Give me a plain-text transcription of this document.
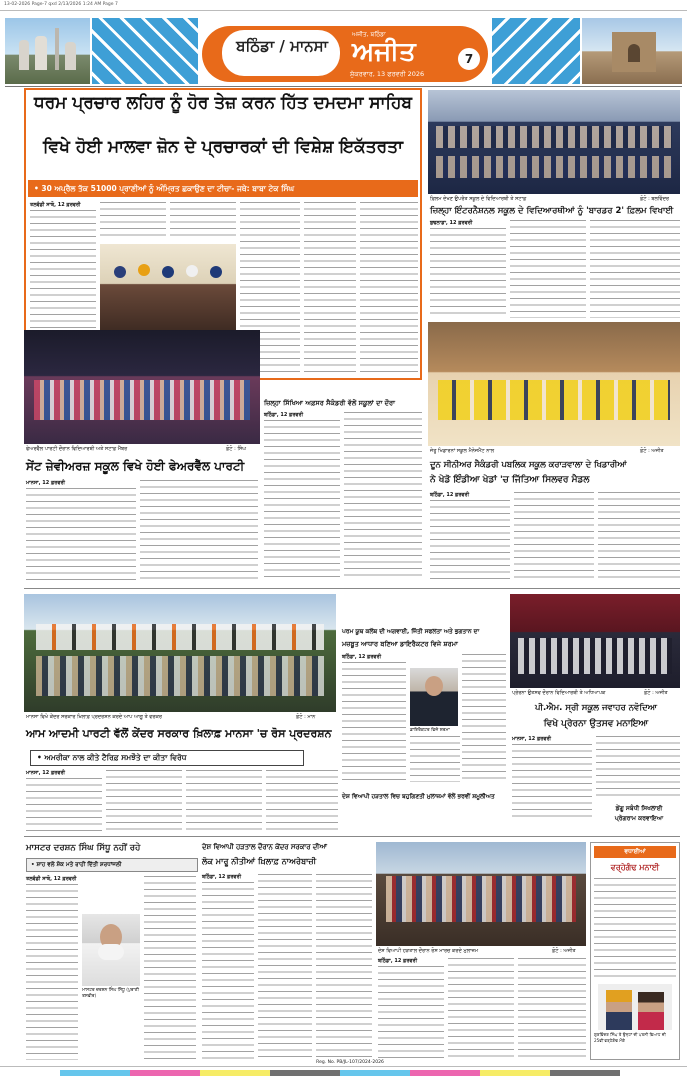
13-02-2026 Page-7 qxd 2/13/2026 1:24 AM Page 7
ਬਠਿੰਡਾ / ਮਾਨਸਾ
ਅਜੀਤ, ਬਠਿੰਡਾ
ਅਜੀਤ
ਸ਼ੁੱਕਰਵਾਰ, 13 ਫਰਵਰੀ 2026
7
ਧਰਮ ਪ੍ਰਚਾਰ ਲਹਿਰ ਨੂੰ ਹੋਰ ਤੇਜ਼ ਕਰਨ ਹਿੱਤ ਦਮਦਮਾ ਸਾਹਿਬ
ਵਿਖੇ ਹੋਈ ਮਾਲਵਾ ਜ਼ੋਨ ਦੇ ਪ੍ਰਚਾਰਕਾਂ ਦੀ ਵਿਸ਼ੇਸ਼ ਇਕੱਤਰਤਾ
• 30 ਅਪ੍ਰੈਲ ਤੱਕ 51000 ਪ੍ਰਾਣੀਆਂ ਨੂੰ ਅੰਮ੍ਰਿਤ ਛਕਾਉਣ ਦਾ ਟੀਚਾ- ਜਥੇ: ਬਾਬਾ ਟੇਕ ਸਿੰਘ
ਤਲਵੰਡੀ ਸਾਬੋ, 12 ਫ਼ਰਵਰੀ
ਫ਼ਿਲਮ ਦੇਖਣ ਉਪਰੰਤ ਸਕੂਲ ਦੇ ਵਿਦਿਆਰਥੀ ਤੇ ਸਟਾਫ਼	ਫ਼ੋਟੋ : ਬਲਵਿੰਦਰ
ਜ਼ਿਲ੍ਹਾ ਇੰਟਰਨੈਸ਼ਨਲ ਸਕੂਲ ਦੇ ਵਿਦਿਆਰਥੀਆਂ ਨੂੰ 'ਬਾਰਡਰ 2' ਫ਼ਿਲਮ ਵਿਖਾਈ
ਬੁਢਲਾਡਾ, 12 ਫ਼ਰਵਰੀ
ਫੇਅਰਵੈੱਲ ਪਾਰਟੀ ਦੌਰਾਨ ਵਿਦਿਆਰਥੀ ਅਤੇ ਸਟਾਫ਼ ਮੈਂਬਰ	ਫ਼ੋਟੋ : ਸਿੰਘ
ਸੇਂਟ ਜ਼ੇਵੀਅਰਜ਼ ਸਕੂਲ ਵਿਖੇ ਹੋਈ ਫੇਅਰਵੈੱਲ ਪਾਰਟੀ
ਮਾਨਸਾ, 12 ਫ਼ਰਵਰੀ
ਜ਼ਿਲ੍ਹਾ ਸਿੱਖਿਆ ਅਫ਼ਸਰ ਸੈਕੰਡਰੀ ਵੱਲੋਂ ਸਕੂਲਾਂ ਦਾ ਦੌਰਾ
ਬਠਿੰਡਾ, 12 ਫ਼ਰਵਰੀ
ਜੇਤੂ ਖਿਡਾਰਨਾਂ ਸਕੂਲ ਮੈਨੇਜਮੈਂਟ ਨਾਲ	ਫ਼ੋਟੋ : ਅਜੀਤ
ਦੂਨ ਸੀਨੀਅਰ ਸੈਕੰਡਰੀ ਪਬਲਿਕ ਸਕੂਲ ਕਰਾੜਵਾਲਾ ਦੇ ਖਿਡਾਰੀਆਂ
ਨੇ ਖੇਡੋ ਇੰਡੀਆ ਖੇਡਾਂ 'ਚ ਜਿੱਤਿਆ ਸਿਲਵਰ ਮੈਡਲ
ਬਠਿੰਡਾ, 12 ਫ਼ਰਵਰੀ
ਮਾਨਸਾ ਵਿਖੇ ਕੇਂਦਰ ਸਰਕਾਰ ਖ਼ਿਲਾਫ਼ ਪ੍ਰਦਰਸ਼ਨ ਕਰਦੇ ਆਪ ਆਗੂ ਤੇ ਵਰਕਰ	ਫ਼ੋਟੋ : ਮਾਨ
ਆਮ ਆਦਮੀ ਪਾਰਟੀ ਵੱਲੋਂ ਕੇਂਦਰ ਸਰਕਾਰ ਖ਼ਿਲਾਫ਼ ਮਾਨਸਾ 'ਚ ਰੋਸ ਪ੍ਰਦਰਸ਼ਨ
• ਅਮਰੀਕਾ ਨਾਲ ਕੀਤੇ ਟੈਰਿਫ਼ ਸਮਝੌਤੇ ਦਾ ਕੀਤਾ ਵਿਰੋਧ
ਮਾਨਸਾ, 12 ਫ਼ਰਵਰੀ
ਪਰਮ ਯੂਥ ਕਲੱਬ ਦੀ ਅਗਵਾਈ, ਜਿੱਤੀ ਸਫਲਤਾ ਅਤੇ ਭੁਗਤਾਨ ਦਾ
ਮਜ਼ਬੂਤ ਆਧਾਰ ਬਣਿਆ ਡਾਇਰੈਕਟਰ ਵਿਜੇ ਸ਼ਰਮਾ
ਬਠਿੰਡਾ, 12 ਫ਼ਰਵਰੀ
ਡਾਇਰੈਕਟਰ ਵਿਜੇ ਸ਼ਰਮਾ
ਪ੍ਰੇਰਨਾ ਉਤਸਵ ਦੌਰਾਨ ਵਿਦਿਆਰਥੀ ਤੇ ਅਧਿਆਪਕ	ਫ਼ੋਟੋ : ਅਜੀਤ
ਪੀ.ਐਮ. ਸ੍ਰੀ ਸਕੂਲ ਜਵਾਹਰ ਨਵੋਦਿਆ
ਵਿਖੇ ਪ੍ਰੇਰਨਾ ਉਤਸਵ ਮਨਾਇਆ
ਮਾਨਸਾ, 12 ਫ਼ਰਵਰੀ
ਡੇਂਗੂ ਸਬੰਧੀ ਸਿਖਲਾਈ
ਪ੍ਰੋਗਰਾਮ ਕਰਵਾਇਆ
ਦੇਸ਼ ਵਿਆਪੀ ਹੜਤਾਲ ਵਿਚ ਬਹੁਗਿਣਤੀ ਮੁਲਾਜ਼ਮਾਂ ਵੱਲੋਂ ਭਰਵੀਂ ਸ਼ਮੂਲੀਅਤ
ਮਾਸਟਰ ਦਰਸ਼ਨ ਸਿੰਘ ਸਿੱਧੂ ਨਹੀਂ ਰਹੇ
• ਸ਼ਾਹ ਵਲੋਂ ਸ਼ੋਕ ਮਤੇ ਰਾਹੀਂ ਦਿੱਤੀ ਸ਼ਰਧਾਂਜਲੀ
ਤਲਵੰਡੀ ਸਾਬੋ, 12 ਫ਼ਰਵਰੀ
ਮਾਸਟਰ ਦਰਸ਼ਨ ਸਿੰਘ ਸਿੱਧੂ (ਪੁਰਾਣੀ ਤਸਵੀਰ)
ਦੇਸ਼ ਵਿਆਪੀ ਹੜਤਾਲ ਦੌਰਾਨ ਕੇਂਦਰ ਸਰਕਾਰ ਦੀਆਂ
ਲੋਕ ਮਾਰੂ ਨੀਤੀਆਂ ਖ਼ਿਲਾਫ਼ ਨਾਅਰੇਬਾਜ਼ੀ
ਬਠਿੰਡਾ, 12 ਫ਼ਰਵਰੀ
ਦੇਸ਼ ਵਿਆਪੀ ਹੜਤਾਲ ਦੌਰਾਨ ਰੋਸ ਮਾਰਚ ਕਰਦੇ ਮੁਲਾਜ਼ਮ	ਫ਼ੋਟੋ : ਅਜੀਤ
ਬਠਿੰਡਾ, 12 ਫ਼ਰਵਰੀ
ਵਧਾਈਆਂ
ਵਰ੍ਹੇਗੰਢ ਮਨਾਈ
ਗੁਰਵਿੰਦਰ ਸਿੰਘ ਤੇ ਉਨ੍ਹਾਂ ਦੀ ਪਤਨੀ ਵਿਆਹ ਦੀ 25ਵੀਂ ਵਰ੍ਹੇਗੰਢ ਮੌਕੇ
Reg. No. PB/JL-107/2024-2026
